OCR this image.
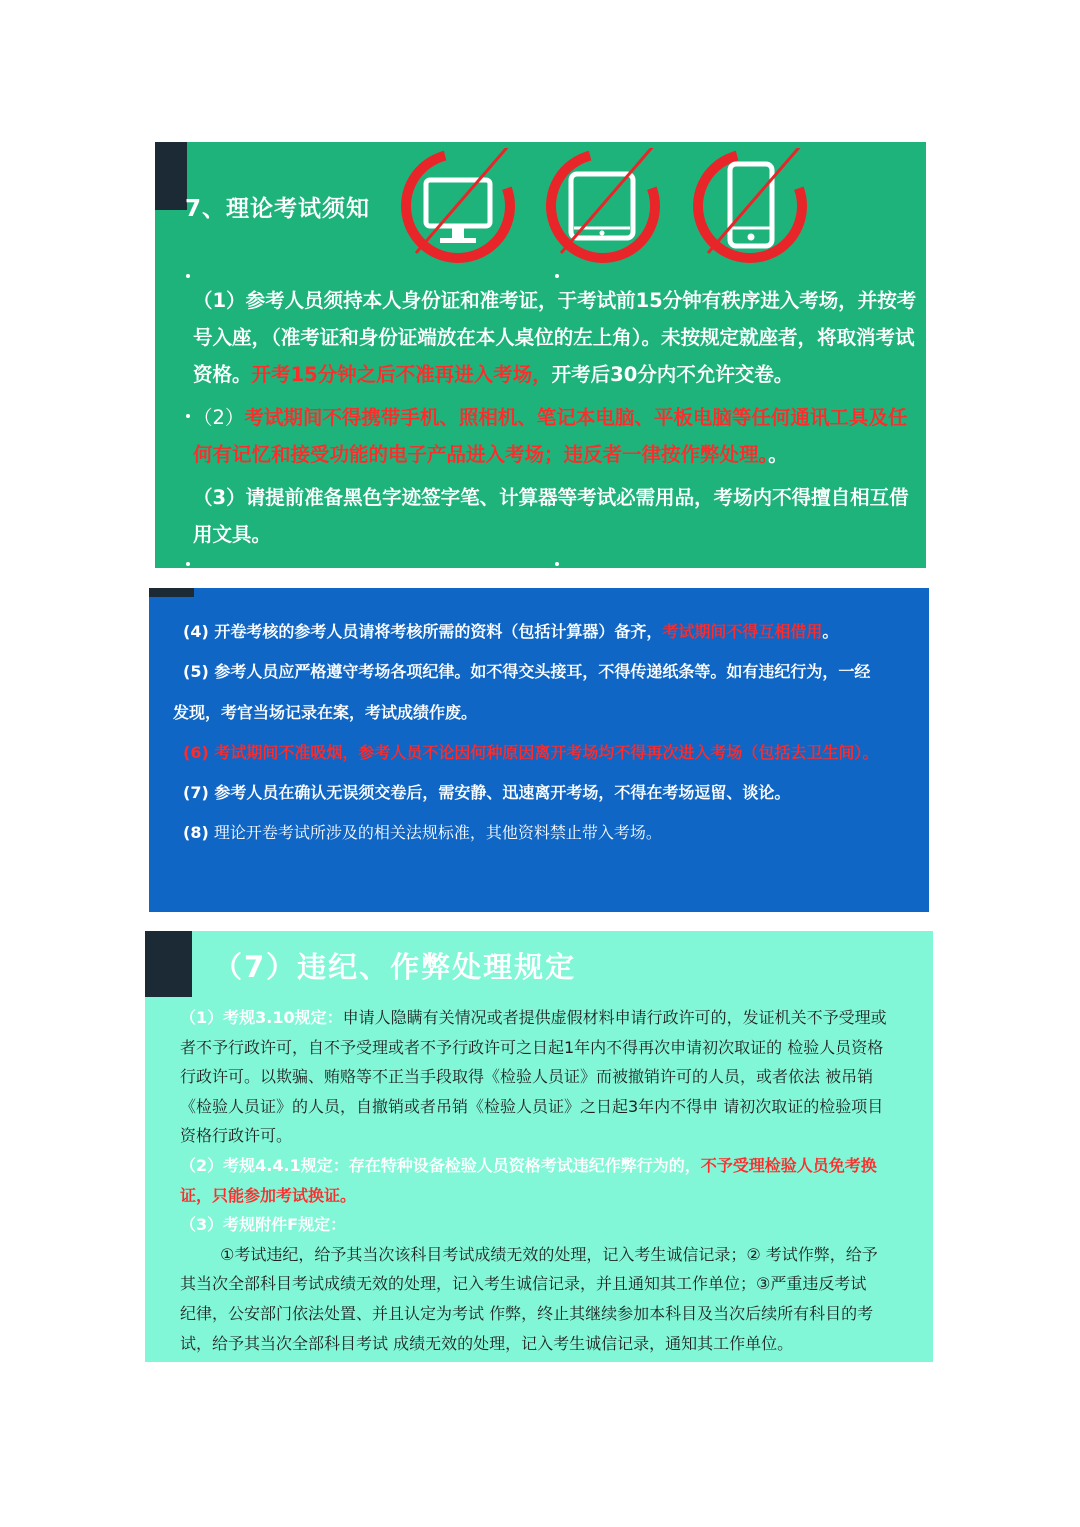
7、理论考试须知

（1）参考人员须持本人身份证和准考证，于考试前15分钟有秩序进入考场，并按考号入座，（准考证和身份证端放在本人桌位的左上角）。未按规定就座者，将取消考试资格。开考15分钟之后不准再进入考场，开考后30分内不允许交卷。

（2）考试期间不得携带手机、照相机、笔记本电脑、平板电脑等任何通讯工具及任何有记忆和接受功能的电子产品进入考场；违反者一律按作弊处理。。

（3）请提前准备黑色字迹签字笔、计算器等考试必需用品，考场内不得擅自相互借用文具。

(4) 开卷考核的参考人员请将考核所需的资料（包括计算器）备齐，考试期间不得互相借用。
(5) 参考人员应严格遵守考场各项纪律。如不得交头接耳，不得传递纸条等。如有违纪行为，一经
发现，考官当场记录在案，考试成绩作废。
(6) 考试期间不准吸烟，参考人员不论因何种原因离开考场均不得再次进入考场（包括去卫生间）。
(7) 参考人员在确认无误须交卷后，需安静、迅速离开考场，不得在考场逗留、谈论。
(8) 理论开卷考试所涉及的相关法规标准，其他资料禁止带入考场。
（7）违纪、作弊处理规定
（1）考规3.10规定：申请人隐瞒有关情况或者提供虚假材料申请行政许可的，发证机关不予受理或
者不予行政许可，自不予受理或者不予行政许可之日起1年内不得再次申请初次取证的 检验人员资格
行政许可。以欺骗、贿赂等不正当手段取得《检验人员证》而被撤销许可的人员，或者依法 被吊销
《检验人员证》的人员，自撤销或者吊销《检验人员证》之日起3年内不得申 请初次取证的检验项目
资格行政许可。
（2）考规4.4.1规定：存在特种设备检验人员资格考试违纪作弊行为的，不予受理检验人员免考换
证，只能参加考试换证。
（3）考规附件F规定：
①考试违纪，给予其当次该科目考试成绩无效的处理，记入考生诚信记录；② 考试作弊，给予
其当次全部科目考试成绩无效的处理，记入考生诚信记录，并且通知其工作单位；③严重违反考试
纪律，公安部门依法处置、并且认定为考试 作弊，终止其继续参加本科目及当次后续所有科目的考
试，给予其当次全部科目考试 成绩无效的处理，记入考生诚信记录，通知其工作单位。
